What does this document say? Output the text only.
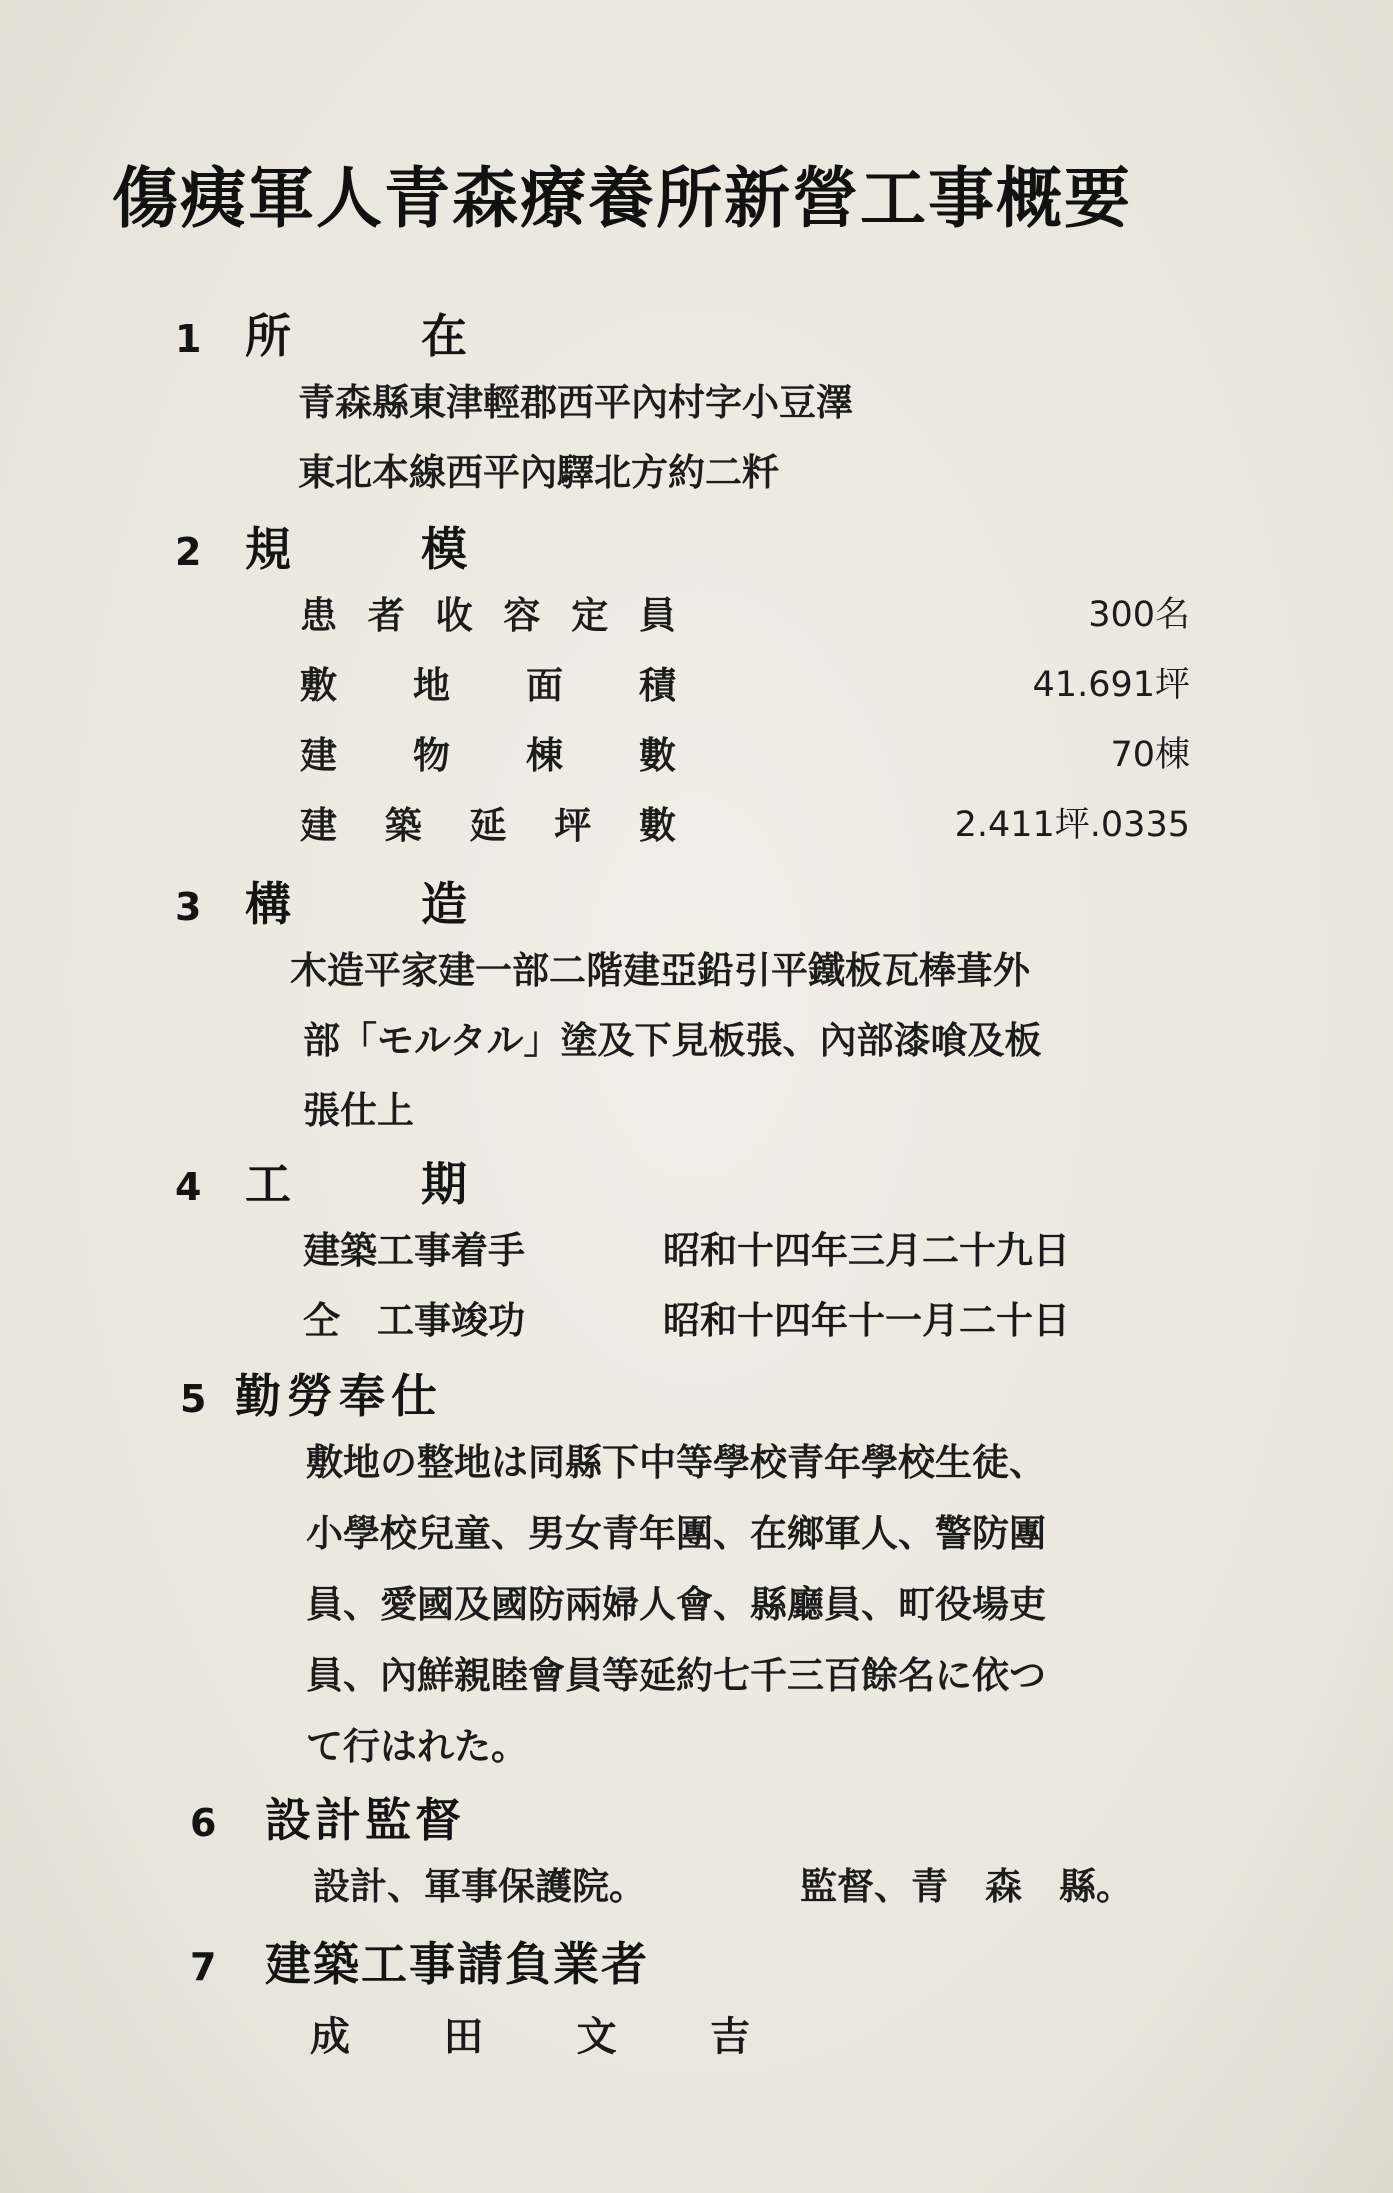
傷痍軍人青森療養所新營工事概要
1 所在
青森縣東津輕郡西平內村字小豆澤
東北本線西平內驛北方約二粁
2 規模
患 者 收 容 定 員	300名
敷 地 面 積	41.691坪
建 物 棟 數	70棟
建 築 延 坪 數	2.411坪.0335
3 構造
木造平家建一部二階建亞鉛引平鐵板瓦棒葺外
部「モルタル」塗及下見板張、內部漆喰及板
張仕上
4 工期
建築工事着手	昭和十四年三月二十九日
仝　工事竣功	昭和十四年十一月二十日
5 勤勞奉仕
敷地の整地は同縣下中等學校青年學校生徒、
小學校兒童、男女青年團、在鄉軍人、警防團
員、愛國及國防兩婦人會、縣廳員、町役場吏
員、內鮮親睦會員等延約七千三百餘名に依つ
て行はれた。
6 設計監督
設計、軍事保護院。	監督、青　森　縣。
7 建築工事請負業者
成 田 文 吉
